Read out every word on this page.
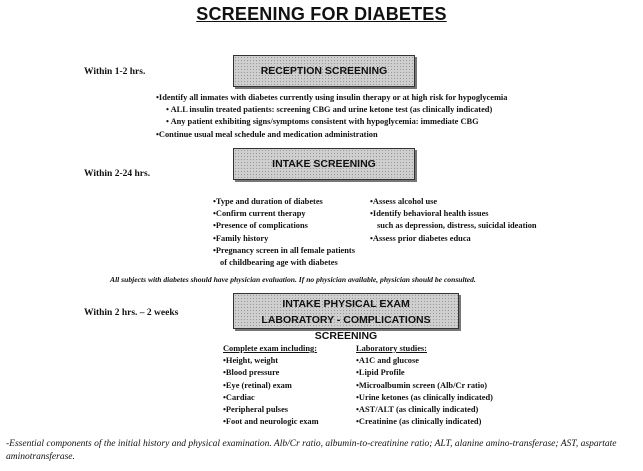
SCREENING FOR DIABETES
Within 1-2 hrs.	RECEPTION SCREENING
•Identify all inmates with diabetes currently using insulin therapy or at high risk for hypoglycemia
• ALL insulin treated patients: screening CBG and urine ketone test (as clinically indicated)
• Any patient exhibiting signs/symptoms consistent with hypoglycemia: immediate CBG
•Continue usual meal schedule and medication administration
Within 2-24 hrs.
INTAKE SCREENING
•Type and duration of diabetes
•Confirm current therapy
•Presence of complications
•Family history
•Pregnancy screen in all female patients
of childbearing age with diabetes
•Assess alcohol use
•Identify behavioral health issues
such as depression, distress, suicidal ideation
•Assess prior diabetes educa
All subjects with diabetes should have physician evaluation. If no physician available, physician should be consulted.
Within 2 hrs. – 2 weeks
INTAKE PHYSICAL EXAM
LABORATORY - COMPLICATIONS SCREENING
Complete exam including:
•Height, weight
•Blood pressure
•Eye (retinal) exam
•Cardiac
•Peripheral pulses
•Foot and neurologic exam
Laboratory studies:
•A1C and glucose
•Lipid Profile
•Microalbumin screen (Alb/Cr ratio)
•Urine ketones (as clinically indicated)
•AST/ALT (as clinically indicated)
•Creatinine (as clinically indicated)
-Essential components of the initial history and physical examination. Alb/Cr ratio, albumin-to-creatinine ratio; ALT, alanine amino-transferase; AST, aspartate aminotransferase.
